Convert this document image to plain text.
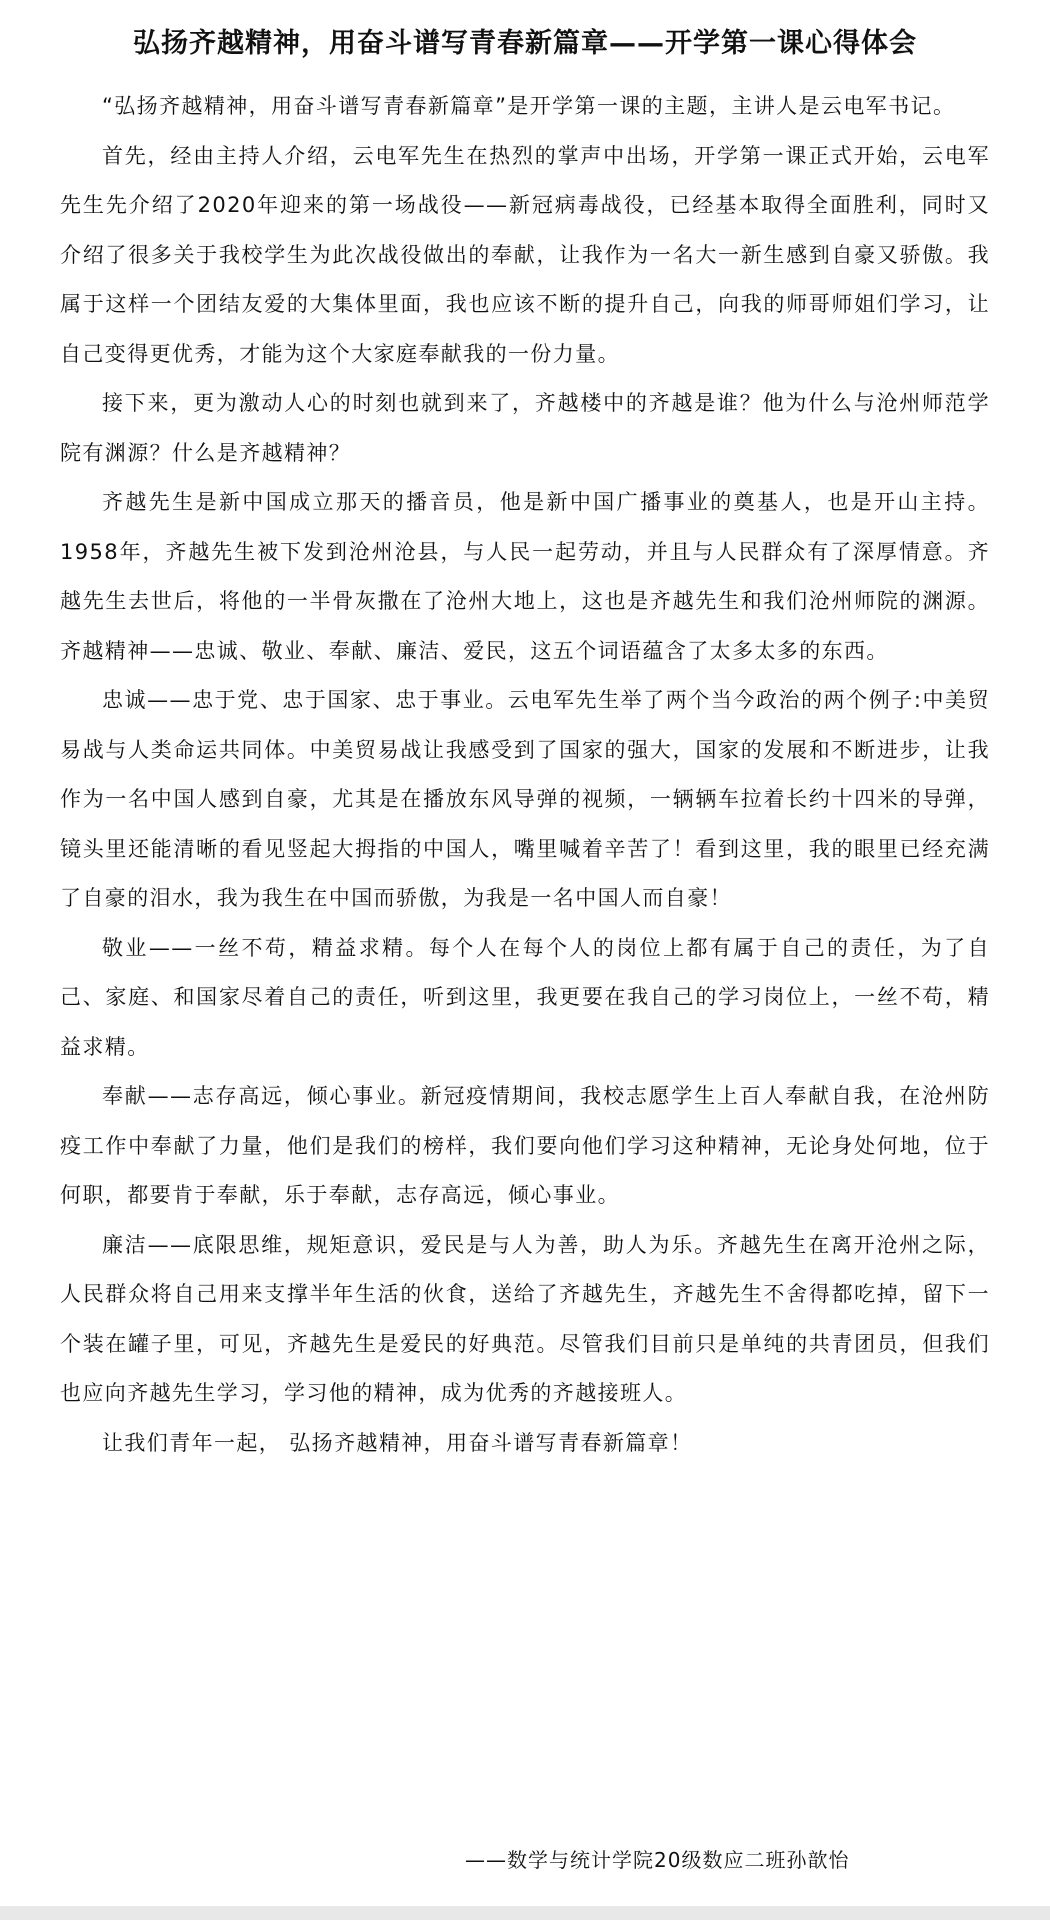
弘扬齐越精神，用奋斗谱写青春新篇章——开学第一课心得体会

“弘扬齐越精神，用奋斗谱写青春新篇章”是开学第一课的主题，主讲人是云电军书记。

首先，经由主持人介绍，云电军先生在热烈的掌声中出场，开学第一课正式开始，云电军先生先介绍了2020年迎来的第一场战役——新冠病毒战役，已经基本取得全面胜利，同时又介绍了很多关于我校学生为此次战役做出的奉献，让我作为一名大一新生感到自豪又骄傲。我属于这样一个团结友爱的大集体里面，我也应该不断的提升自己，向我的师哥师姐们学习，让自己变得更优秀，才能为这个大家庭奉献我的一份力量。

接下来，更为激动人心的时刻也就到来了，齐越楼中的齐越是谁？他为什么与沧州师范学院有渊源？什么是齐越精神？

齐越先生是新中国成立那天的播音员，他是新中国广播事业的奠基人，也是开山主持。1958年，齐越先生被下发到沧州沧县，与人民一起劳动，并且与人民群众有了深厚情意。齐越先生去世后，将他的一半骨灰撒在了沧州大地上，这也是齐越先生和我们沧州师院的渊源。齐越精神——忠诚、敬业、奉献、廉洁、爱民，这五个词语蕴含了太多太多的东西。

忠诚——忠于党、忠于国家、忠于事业。云电军先生举了两个当今政治的两个例子:中美贸易战与人类命运共同体。中美贸易战让我感受到了国家的强大，国家的发展和不断进步，让我作为一名中国人感到自豪，尤其是在播放东风导弹的视频，一辆辆车拉着长约十四米的导弹，镜头里还能清晰的看见竖起大拇指的中国人，嘴里喊着辛苦了！看到这里，我的眼里已经充满了自豪的泪水，我为我生在中国而骄傲，为我是一名中国人而自豪！

敬业——一丝不苟，精益求精。每个人在每个人的岗位上都有属于自己的责任，为了自己、家庭、和国家尽着自己的责任，听到这里，我更要在我自己的学习岗位上，一丝不苟，精益求精。

奉献——志存高远，倾心事业。新冠疫情期间，我校志愿学生上百人奉献自我，在沧州防疫工作中奉献了力量，他们是我们的榜样，我们要向他们学习这种精神，无论身处何地，位于何职，都要肯于奉献，乐于奉献，志存高远，倾心事业。

廉洁——底限思维，规矩意识，爱民是与人为善，助人为乐。齐越先生在离开沧州之际，人民群众将自己用来支撑半年生活的伙食，送给了齐越先生，齐越先生不舍得都吃掉，留下一个装在罐子里，可见，齐越先生是爱民的好典范。尽管我们目前只是单纯的共青团员，但我们也应向齐越先生学习，学习他的精神，成为优秀的齐越接班人。

让我们青年一起， 弘扬齐越精神，用奋斗谱写青春新篇章！

——数学与统计学院20级数应二班孙歆怡
